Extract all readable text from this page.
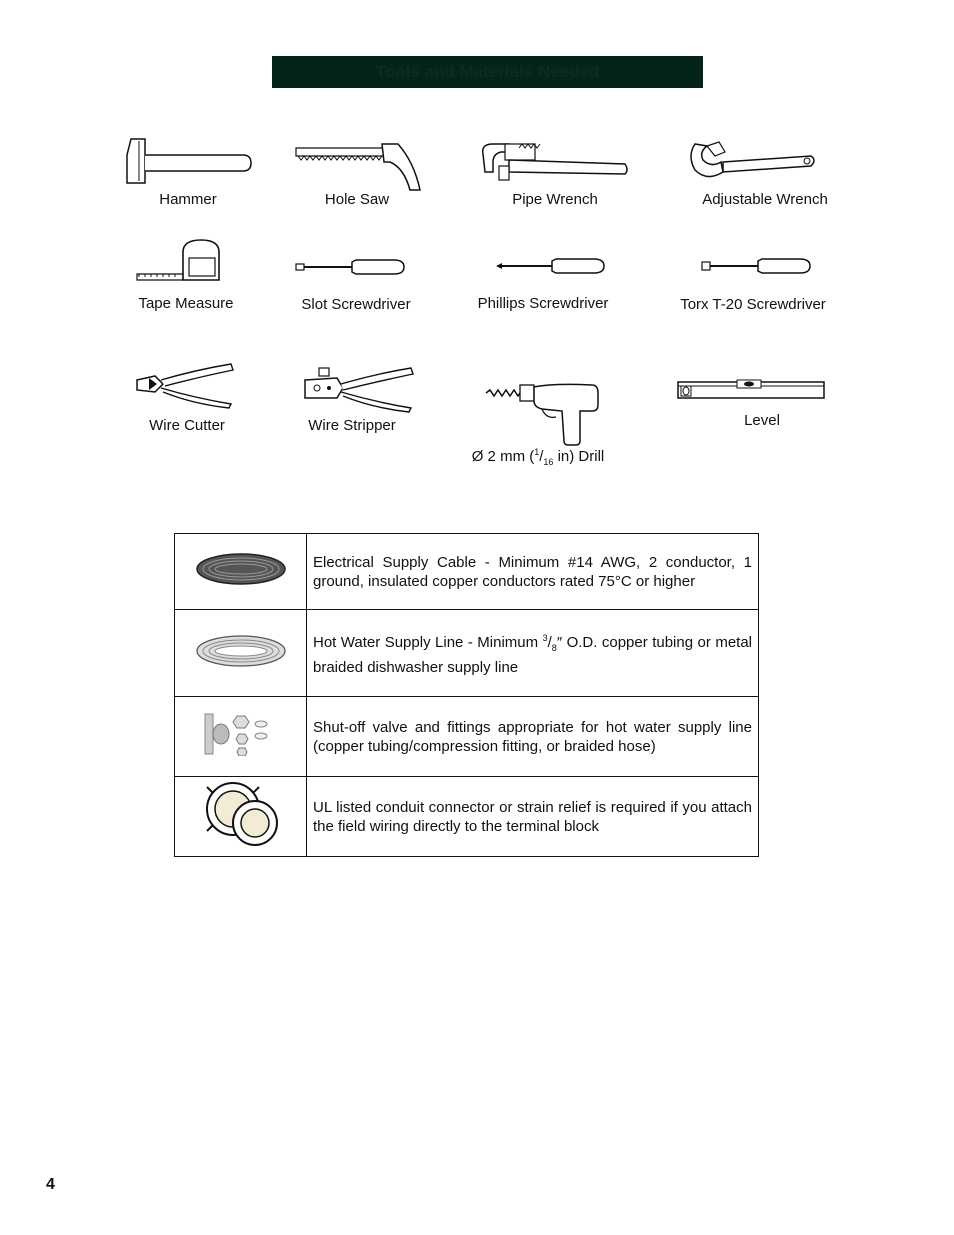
Tools and Materials Needed
Hammer	Hole Saw	Pipe Wrench	Adjustable Wrench
Tape Measure	Slot Screwdriver	Phillips Screwdriver	Torx T-20 Screwdriver
Wire Cutter	Wire Stripper
Ø 2 mm ($^1/_{16}$ in) Drill
Level
	Electrical Supply Cable - Minimum #14 AWG, 2 conductor, 1 ground, insulated copper conductors rated 75°C or higher
	Hot Water Supply Line - Minimum $^3/_8''$ O.D. copper tubing or metal braided dishwasher supply line
	Shut-off valve and fittings appropriate for hot water supply line (copper tubing/compression fitting, or braided hose)
	UL listed conduit connector or strain relief is required if you attach the field wiring directly to the terminal block
4
